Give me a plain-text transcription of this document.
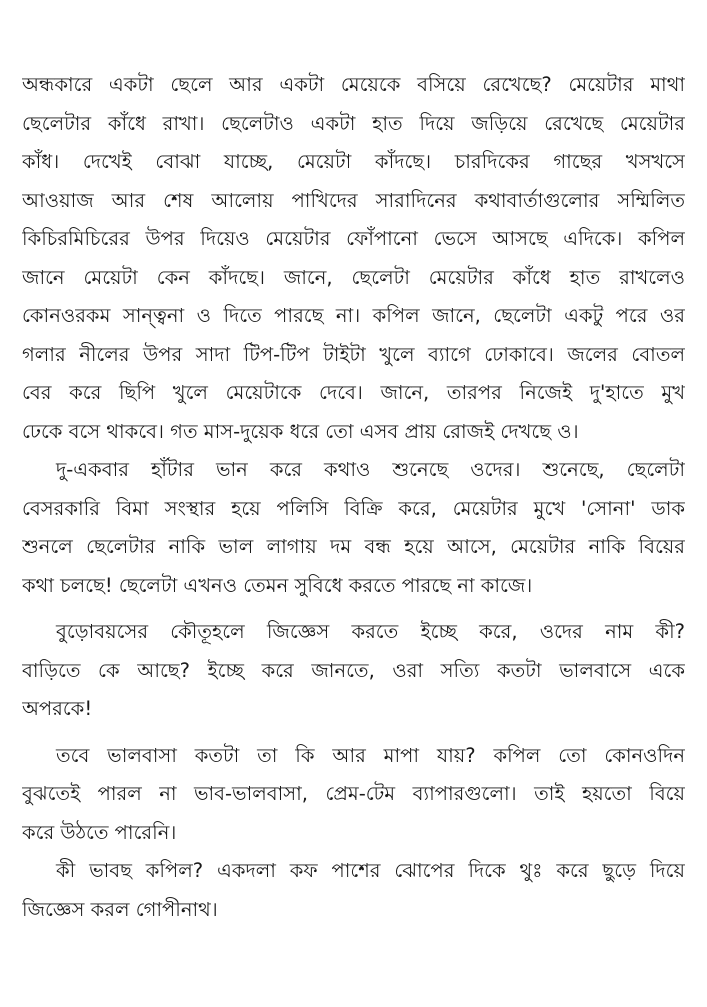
অন্ধকারে একটা ছেলে আর একটা মেয়েকে বসিয়ে রেখেছে? মেয়েটার মাথা
ছেলেটার কাঁধে রাখা। ছেলেটাও একটা হাত দিয়ে জড়িয়ে রেখেছে মেয়েটার
কাঁধ। দেখেই বোঝা যাচ্ছে, মেয়েটা কাঁদছে। চারদিকের গাছের খসখসে
আওয়াজ আর শেষ আলোয় পাখিদের সারাদিনের কথাবার্তাগুলোর সম্মিলিত
কিচিরমিচিরের উপর দিয়েও মেয়েটার ফোঁপানো ভেসে আসছে এদিকে। কপিল
জানে মেয়েটা কেন কাঁদছে। জানে, ছেলেটা মেয়েটার কাঁধে হাত রাখলেও
কোনওরকম সান্ত্বনা ও দিতে পারছে না। কপিল জানে, ছেলেটা একটু পরে ওর
গলার নীলের উপর সাদা টিপ-টিপ টাইটা খুলে ব্যাগে ঢোকাবে। জলের বোতল
বের করে ছিপি খুলে মেয়েটাকে দেবে। জানে, তারপর নিজেই দু'হাতে মুখ
ঢেকে বসে থাকবে। গত মাস-দুয়েক ধরে তো এসব প্রায় রোজই দেখছে ও।

দু-একবার হাঁটার ভান করে কথাও শুনেছে ওদের। শুনেছে, ছেলেটা
বেসরকারি বিমা সংস্থার হয়ে পলিসি বিক্রি করে, মেয়েটার মুখে 'সোনা' ডাক
শুনলে ছেলেটার নাকি ভাল লাগায় দম বন্ধ হয়ে আসে, মেয়েটার নাকি বিয়ের
কথা চলছে! ছেলেটা এখনও তেমন সুবিধে করতে পারছে না কাজে।

বুড়োবয়সের কৌতূহলে জিজ্ঞেস করতে ইচ্ছে করে, ওদের নাম কী?
বাড়িতে কে আছে? ইচ্ছে করে জানতে, ওরা সত্যি কতটা ভালবাসে একে
অপরকে!

তবে ভালবাসা কতটা তা কি আর মাপা যায়? কপিল তো কোনওদিন
বুঝতেই পারল না ভাব-ভালবাসা, প্রেম-টেম ব্যাপারগুলো। তাই হয়তো বিয়ে
করে উঠতে পারেনি।

কী ভাবছ কপিল? একদলা কফ পাশের ঝোপের দিকে থুঃ করে ছুড়ে দিয়ে
জিজ্ঞেস করল গোপীনাথ।
